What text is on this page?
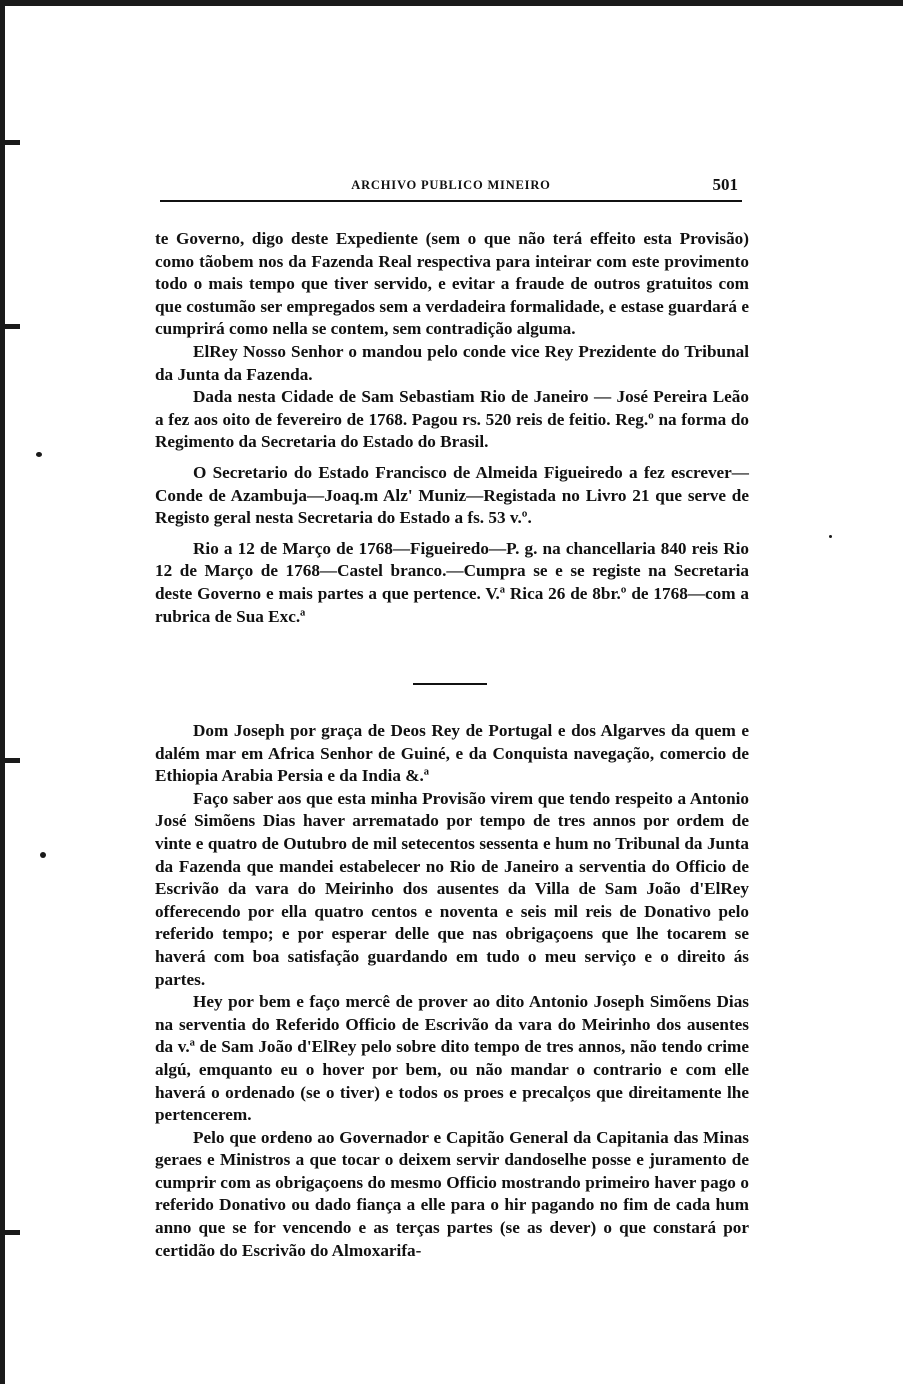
ARCHIVO PUBLICO MINEIRO	501

te Governo, digo deste Expediente (sem o que não terá effeito esta Provisão) como tãobem nos da Fazenda Real respectiva para inteirar com este provimento todo o mais tempo que tiver servido, e evitar a fraude de outros gratuitos com que costumão ser empregados sem a verdadeira formalidade, e estase guardará e cumprirá como nella se contem, sem contradição alguma.

ElRey Nosso Senhor o mandou pelo conde vice Rey Prezidente do Tribunal da Junta da Fazenda.

Dada nesta Cidade de Sam Sebastiam Rio de Janeiro — José Pereira Leão a fez aos oito de fevereiro de 1768. Pagou rs. 520 reis de feitio. Reg.º na forma do Regimento da Secretaria do Estado do Brasil.

O Secretario do Estado Francisco de Almeida Figueiredo a fez escrever—Conde de Azambuja—Joaq.m Alz' Muniz—Registada no Livro 21 que serve de Registo geral nesta Secretaria do Estado a fs. 53 v.º.

Rio a 12 de Março de 1768—Figueiredo—P. g. na chancellaria 840 reis Rio 12 de Março de 1768—Castel branco.—Cumpra se e se registe na Secretaria deste Governo e mais partes a que pertence. V.ª Rica 26 de 8br.º de 1768—com a rubrica de Sua Exc.ª

Dom Joseph por graça de Deos Rey de Portugal e dos Algarves da quem e dalém mar em Africa Senhor de Guiné, e da Conquista navegação, comercio de Ethiopia Arabia Persia e da India &.ª

Faço saber aos que esta minha Provisão virem que tendo respeito a Antonio José Simõens Dias haver arrematado por tempo de tres annos por ordem de vinte e quatro de Outubro de mil setecentos sessenta e hum no Tribunal da Junta da Fazenda que mandei estabelecer no Rio de Janeiro a serventia do Officio de Escrivão da vara do Meirinho dos ausentes da Villa de Sam João d'ElRey offerecendo por ella quatro centos e noventa e seis mil reis de Donativo pelo referido tempo; e por esperar delle que nas obrigaçoens que lhe tocarem se haverá com boa satisfação guardando em tudo o meu serviço e o direito ás partes.

Hey por bem e faço mercê de prover ao dito Antonio Joseph Simõens Dias na serventia do Referido Officio de Escrivão da vara do Meirinho dos ausentes da v.ª de Sam João d'ElRey pelo sobre dito tempo de tres annos, não tendo crime algú, emquanto eu o hover por bem, ou não mandar o contrario e com elle haverá o ordenado (se o tiver) e todos os proes e precalços que direitamente lhe pertencerem.

Pelo que ordeno ao Governador e Capitão General da Capitania das Minas geraes e Ministros a que tocar o deixem servir dandoselhe posse e juramento de cumprir com as obrigaçoens do mesmo Officio mostrando primeiro haver pago o referido Donativo ou dado fiança a elle para o hir pagando no fim de cada hum anno que se for vencendo e as terças partes (se as dever) o que constará por certidão do Escrivão do Almoxarifa-
